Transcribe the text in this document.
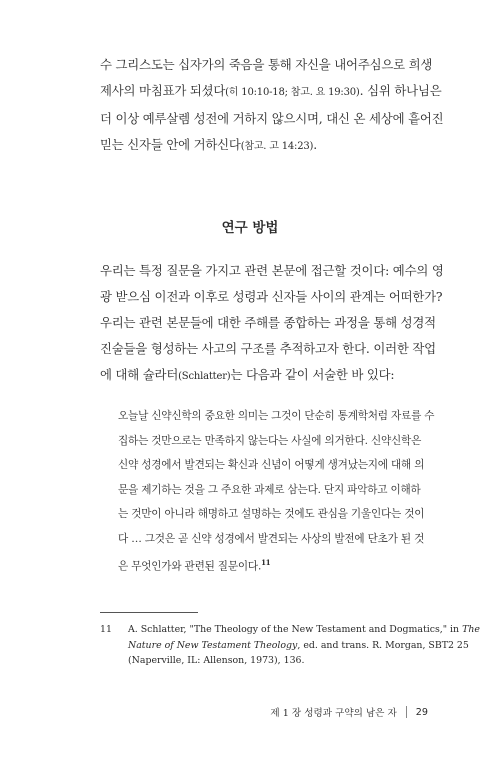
수 그리스도는 십자가의 죽음을 통해 자신을 내어주심으로 희생
제사의 마침표가 되셨다(히 10:10-18; 참고. 요 19:30). 심위 하나님은
더 이상 예루살렘 성전에 거하지 않으시며, 대신 온 세상에 흩어진
믿는 신자들 안에 거하신다(참고. 고 14:23).
연구 방법
우리는 특정 질문을 가지고 관련 본문에 접근할 것이다: 예수의 영
광 받으심 이전과 이후로 성령과 신자들 사이의 관계는 어떠한가?
우리는 관련 본문들에 대한 주해를 종합하는 과정을 통해 성경적
진술들을 형성하는 사고의 구조를 추적하고자 한다. 이러한 작업
에 대해 슐라터(Schlatter)는 다음과 같이 서술한 바 있다:
오늘날 신약신학의 중요한 의미는 그것이 단순히 통계학처럼 자료를 수
집하는 것만으로는 만족하지 않는다는 사실에 의거한다. 신약신학은
신약 성경에서 발견되는 확신과 신념이 어떻게 생겨났는지에 대해 의
문을 제기하는 것을 그 주요한 과제로 삼는다. 단지 파악하고 이해하
는 것만이 아니라 해명하고 설명하는 것에도 관심을 기울인다는 것이
다 … 그것은 곧 신약 성경에서 발견되는 사상의 발전에 단초가 된 것
은 무엇인가와 관련된 질문이다.$^{11}$
11 A. Schlatter, "The Theology of the New Testament and Dogmatics," in The
Nature of New Testament Theology, ed. and trans. R. Morgan, SBT2 25
(Naperville, IL: Allenson, 1973), 136.
제 1 장 성령과 구약의 남은 자 29
